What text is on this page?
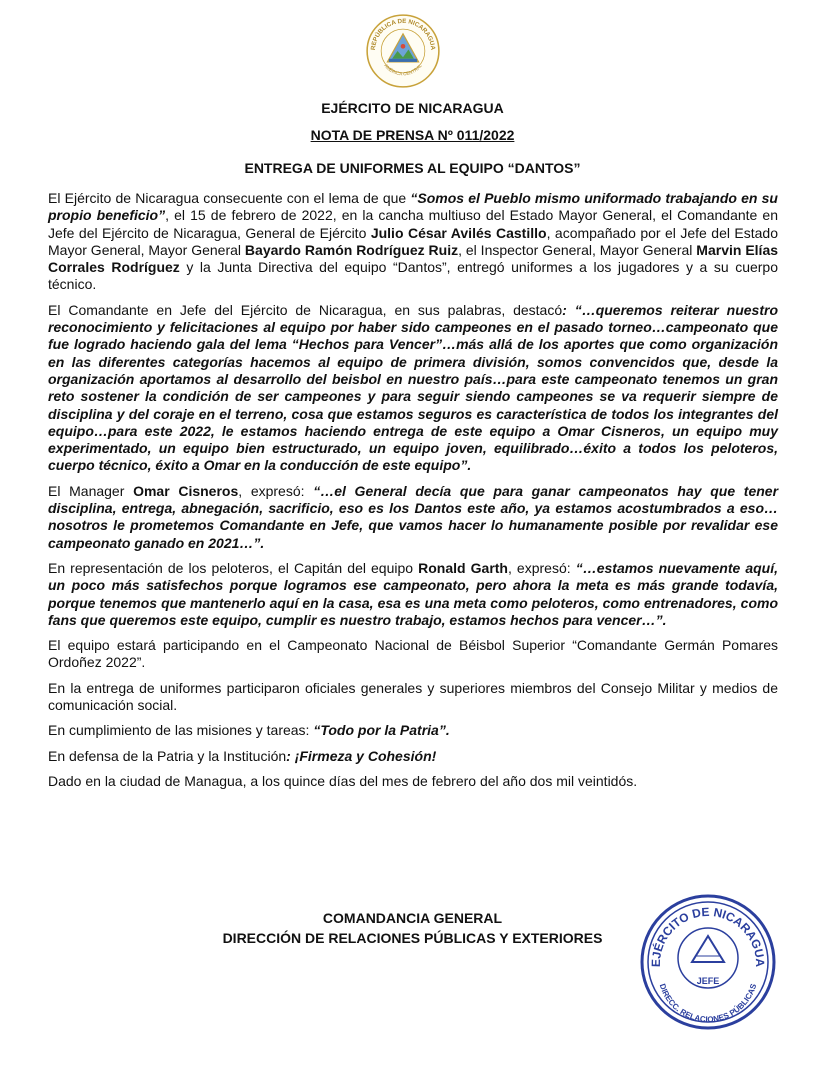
REPÚBLICA DE NICARAGUA
AMÉRICA CENTRAL
EJÉRCITO DE NICARAGUA
NOTA DE PRENSA Nº 011/2022
ENTREGA DE UNIFORMES AL EQUIPO “DANTOS”

El Ejército de Nicaragua consecuente con el lema de que “Somos el Pueblo mismo uniformado trabajando en su propio beneficio”, el 15 de febrero de 2022, en la cancha multiuso del Estado Mayor General, el Comandante en Jefe del Ejército de Nicaragua, General de Ejército Julio César Avilés Castillo, acompañado por el Jefe del Estado Mayor General, Mayor General Bayardo Ramón Rodríguez Ruiz, el Inspector General, Mayor General Marvin Elías Corrales Rodríguez y la Junta Directiva del equipo “Dantos”, entregó uniformes a los jugadores y a su cuerpo técnico.

El Comandante en Jefe del Ejército de Nicaragua, en sus palabras, destacó: “…queremos reiterar nuestro reconocimiento y felicitaciones al equipo por haber sido campeones en el pasado torneo…campeonato que fue logrado haciendo gala del lema “Hechos para Vencer”…más allá de los aportes que como organización en las diferentes categorías hacemos al equipo de primera división, somos convencidos que, desde la organización aportamos al desarrollo del beisbol en nuestro país…para este campeonato tenemos un gran reto sostener la condición de ser campeones y para seguir siendo campeones se va requerir siempre de disciplina y del coraje en el terreno, cosa que estamos seguros es característica de todos los integrantes del equipo…para este 2022, le estamos haciendo entrega de este equipo a Omar Cisneros, un equipo muy experimentado, un equipo bien estructurado, un equipo joven, equilibrado…éxito a todos los peloteros, cuerpo técnico, éxito a Omar en la conducción de este equipo”.

El Manager Omar Cisneros, expresó: “…el General decía que para ganar campeonatos hay que tener disciplina, entrega, abnegación, sacrificio, eso es los Dantos este año, ya estamos acostumbrados a eso…nosotros le prometemos Comandante en Jefe, que vamos hacer lo humanamente posible por revalidar ese campeonato ganado en 2021…”.

En representación de los peloteros, el Capitán del equipo Ronald Garth, expresó: “…estamos nuevamente aquí, un poco más satisfechos porque logramos ese campeonato, pero ahora la meta es más grande todavía, porque tenemos que mantenerlo aquí en la casa, esa es una meta como peloteros, como entrenadores, como fans que queremos este equipo, cumplir es nuestro trabajo, estamos hechos para vencer…”.

El equipo estará participando en el Campeonato Nacional de Béisbol Superior “Comandante Germán Pomares Ordoñez 2022”.

En la entrega de uniformes participaron oficiales generales y superiores miembros del Consejo Militar y medios de comunicación social.

En cumplimiento de las misiones y tareas: “Todo por la Patria”.

En defensa de la Patria y la Institución: ¡Firmeza y Cohesión!

Dado en la ciudad de Managua, a los quince días del mes de febrero del año dos mil veintidós.

COMANDANCIA GENERAL
DIRECCIÓN DE RELACIONES PÚBLICAS Y EXTERIORES
EJÉRCITO DE NICARAGUA
DIRECC. RELACIONES PÚBLICAS
JEFE
